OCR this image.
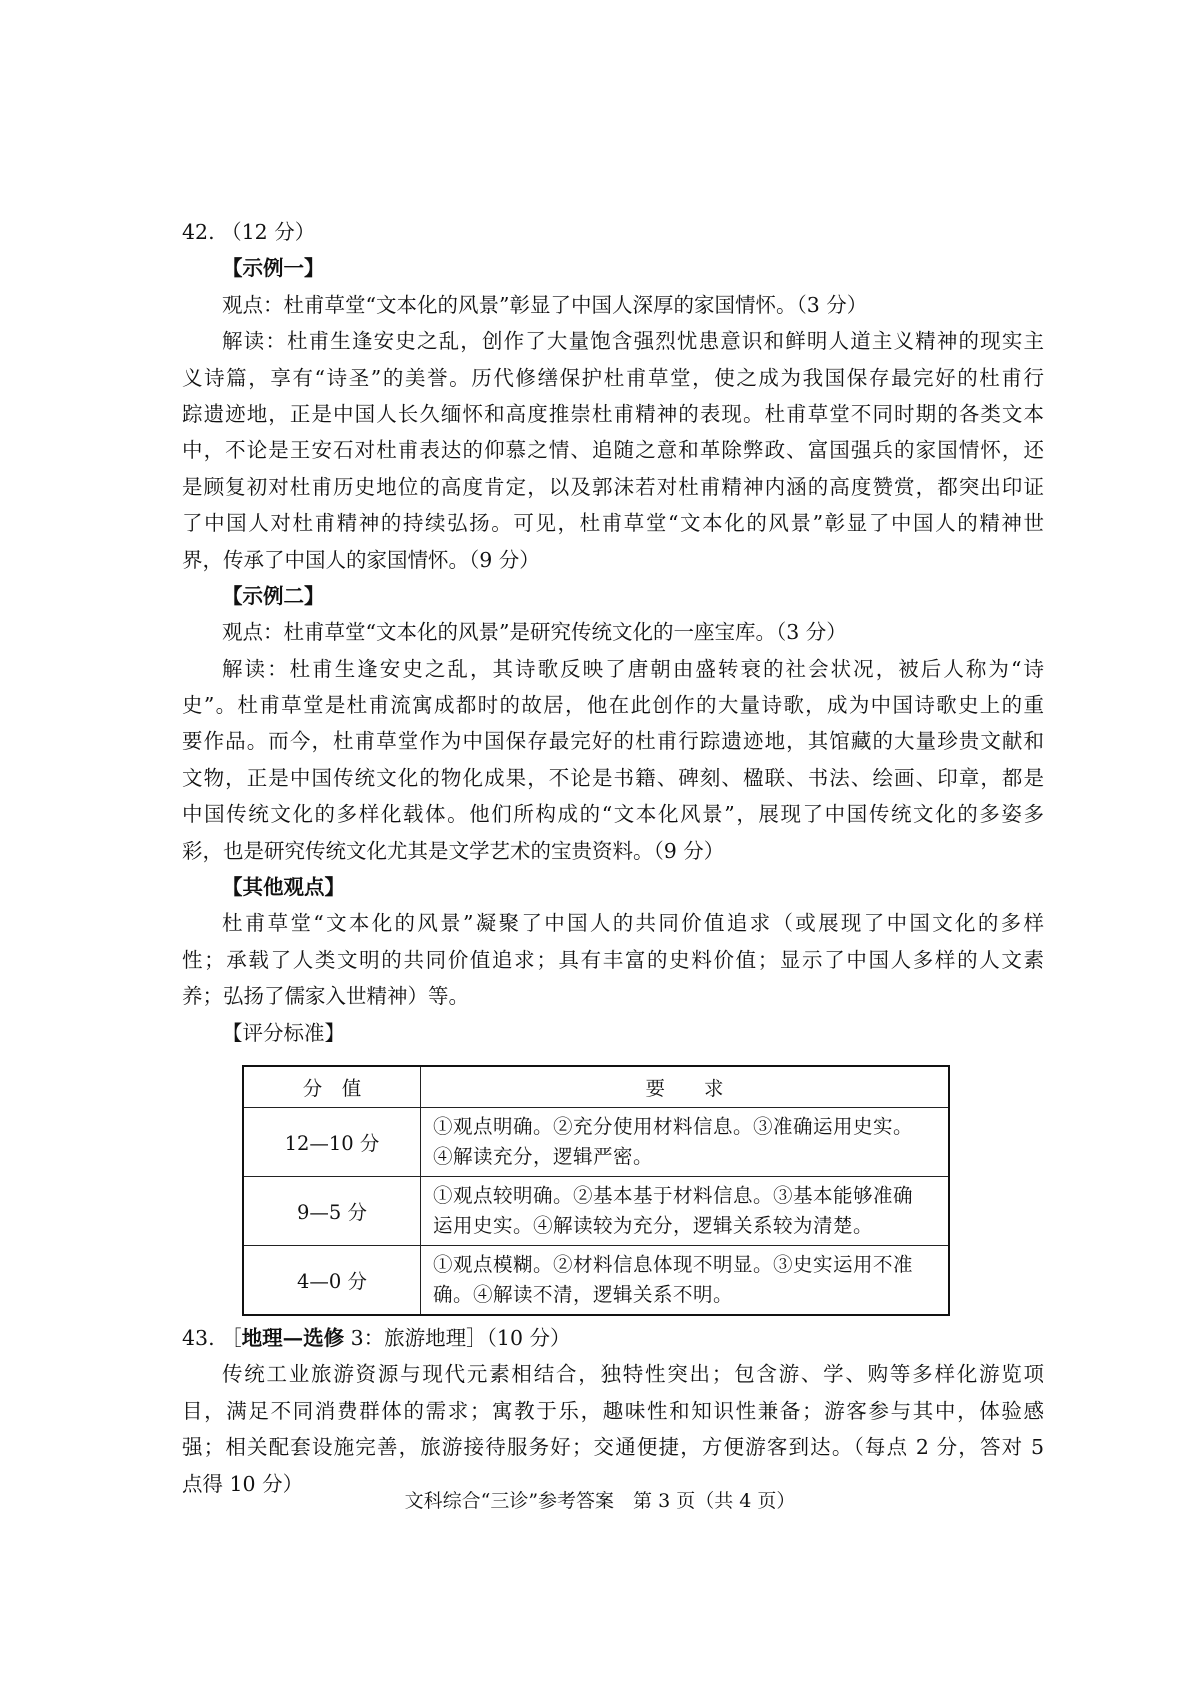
42. （12 分）
【示例一】
观点：杜甫草堂“文本化的风景”彰显了中国人深厚的家国情怀。（3 分）
解读：杜甫生逢安史之乱，创作了大量饱含强烈忧患意识和鲜明人道主义精神的现实主
义诗篇，享有“诗圣”的美誉。历代修缮保护杜甫草堂，使之成为我国保存最完好的杜甫行
踪遗迹地，正是中国人长久缅怀和高度推崇杜甫精神的表现。杜甫草堂不同时期的各类文本
中，不论是王安石对杜甫表达的仰慕之情、追随之意和革除弊政、富国强兵的家国情怀，还
是顾复初对杜甫历史地位的高度肯定，以及郭沫若对杜甫精神内涵的高度赞赏，都突出印证
了中国人对杜甫精神的持续弘扬。可见，杜甫草堂“文本化的风景”彰显了中国人的精神世
界，传承了中国人的家国情怀。（9 分）
【示例二】
观点：杜甫草堂“文本化的风景”是研究传统文化的一座宝库。（3 分）
解读：杜甫生逢安史之乱，其诗歌反映了唐朝由盛转衰的社会状况，被后人称为“诗
史”。杜甫草堂是杜甫流寓成都时的故居，他在此创作的大量诗歌，成为中国诗歌史上的重
要作品。而今，杜甫草堂作为中国保存最完好的杜甫行踪遗迹地，其馆藏的大量珍贵文献和
文物，正是中国传统文化的物化成果，不论是书籍、碑刻、楹联、书法、绘画、印章，都是
中国传统文化的多样化载体。他们所构成的“文本化风景”，展现了中国传统文化的多姿多
彩，也是研究传统文化尤其是文学艺术的宝贵资料。（9 分）
【其他观点】
杜甫草堂“文本化的风景”凝聚了中国人的共同价值追求（或展现了中国文化的多样
性；承载了人类文明的共同价值追求；具有丰富的史料价值；显示了中国人多样的人文素
养；弘扬了儒家入世精神）等。
【评分标准】
分　值	要　　求
12—10 分	①观点明确。②充分使用材料信息。③准确运用史实。
④解读充分，逻辑严密。

9—5 分	①观点较明确。②基本基于材料信息。③基本能够准确
运用史实。④解读较为充分，逻辑关系较为清楚。

4—0 分	①观点模糊。②材料信息体现不明显。③史实运用不准
确。④解读不清，逻辑关系不明。
43. ［地理—选修 3：旅游地理］（10 分）
传统工业旅游资源与现代元素相结合，独特性突出；包含游、学、购等多样化游览项
目，满足不同消费群体的需求；寓教于乐，趣味性和知识性兼备；游客参与其中，体验感
强；相关配套设施完善，旅游接待服务好；交通便捷，方便游客到达。（每点 2 分，答对 5
点得 10 分）
文科综合“三诊”参考答案　第 3 页（共 4 页）
